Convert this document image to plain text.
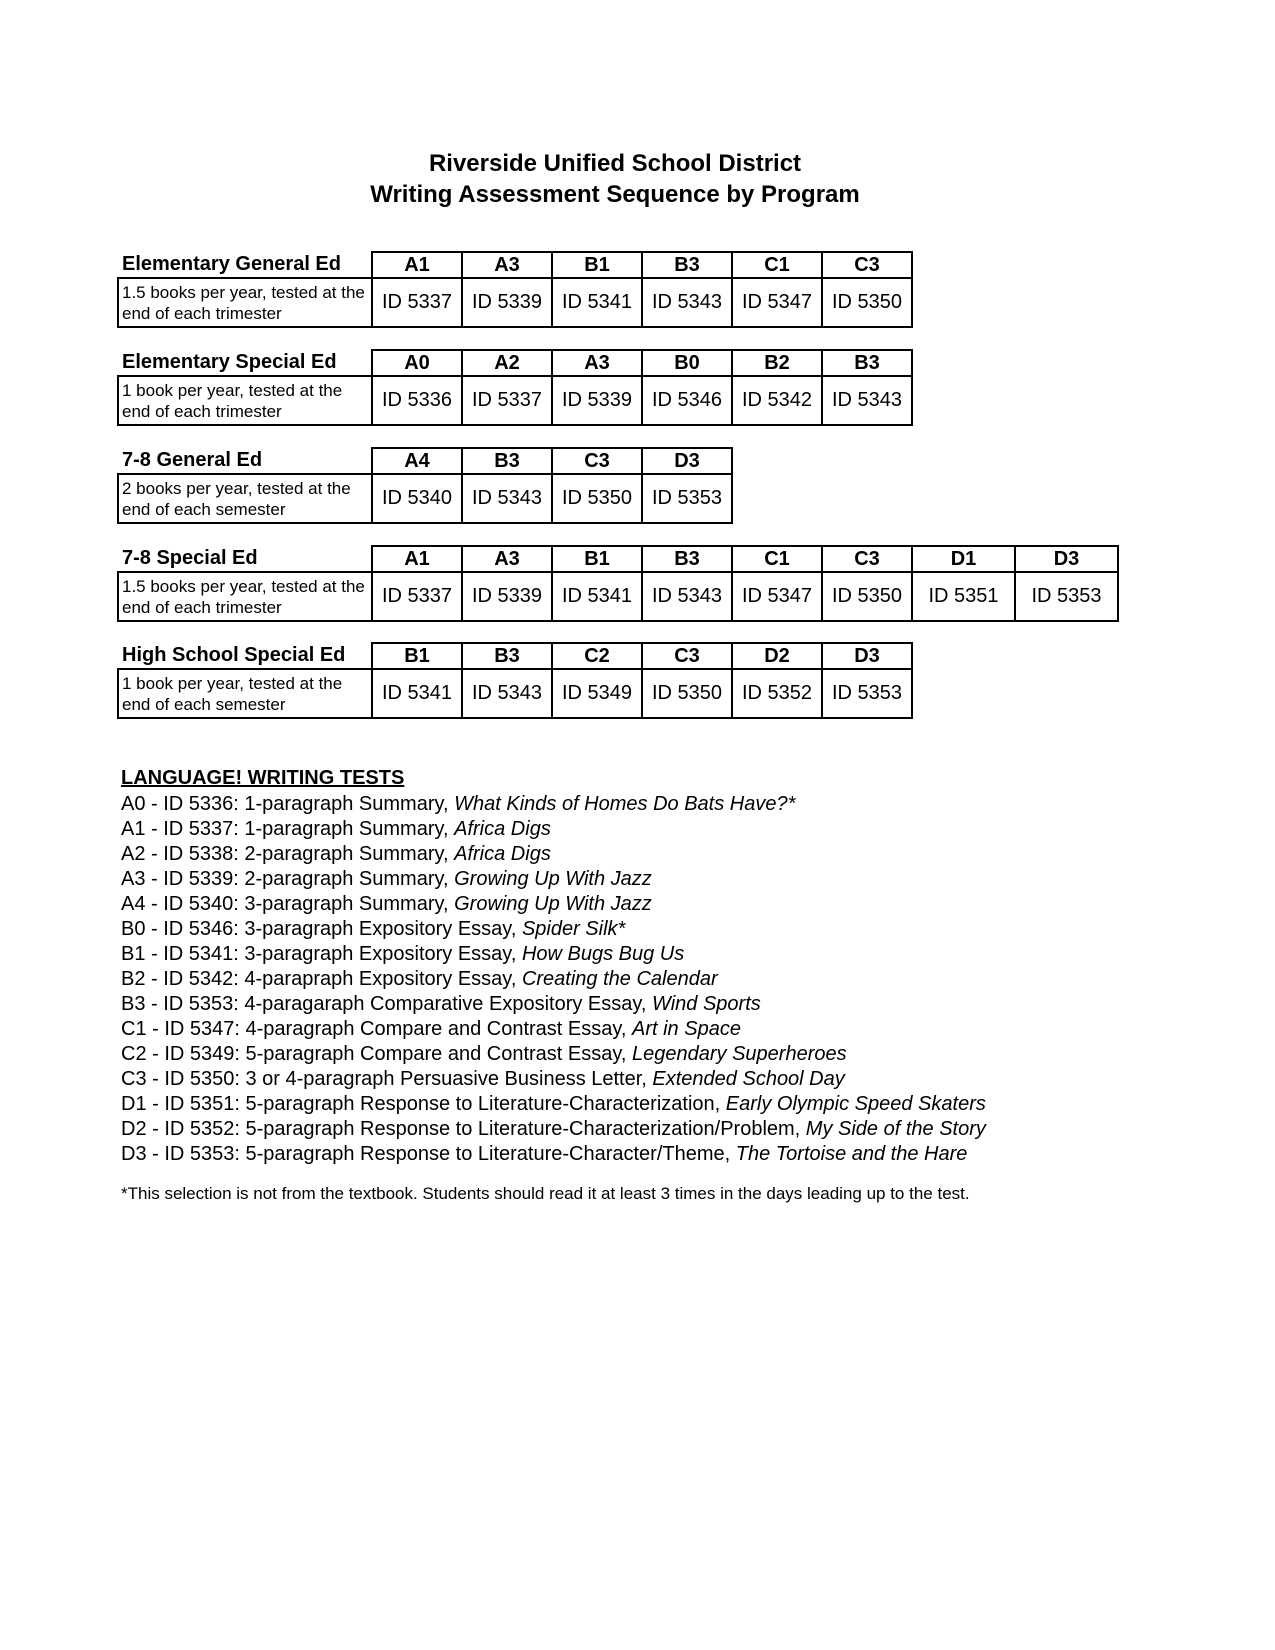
Riverside Unified School District
Writing Assessment Sequence by Program
Elementary General Ed	A1	A3	B1	B3	C1	C3
1.5 books per year, tested at the end of each trimester	ID 5337	ID 5339	ID 5341	ID 5343	ID 5347	ID 5350
Elementary Special Ed	A0	A2	A3	B0	B2	B3
1 book per year, tested at the end of each trimester	ID 5336	ID 5337	ID 5339	ID 5346	ID 5342	ID 5343
7-8 General Ed	A4	B3	C3	D3
2 books per year, tested at the end of each semester	ID 5340	ID 5343	ID 5350	ID 5353
7-8 Special Ed	A1	A3	B1	B3	C1	C3	D1	D3
1.5 books per year, tested at the end of each trimester	ID 5337	ID 5339	ID 5341	ID 5343	ID 5347	ID 5350	ID 5351	ID 5353
High School Special Ed	B1	B3	C2	C3	D2	D3
1 book per year, tested at the end of each semester	ID 5341	ID 5343	ID 5349	ID 5350	ID 5352	ID 5353
LANGUAGE! WRITING TESTS
A0 - ID 5336: 1-paragraph Summary, What Kinds of Homes Do Bats Have?*
A1 - ID 5337: 1-paragraph Summary, Africa Digs
A2 - ID 5338: 2-paragraph Summary, Africa Digs
A3 - ID 5339: 2-paragraph Summary, Growing Up With Jazz
A4 - ID 5340: 3-paragraph Summary, Growing Up With Jazz
B0 - ID 5346: 3-paragraph Expository Essay, Spider Silk*
B1 - ID 5341: 3-paragraph Expository Essay, How Bugs Bug Us
B2 - ID 5342: 4-parapraph Expository Essay, Creating the Calendar
B3 - ID 5353: 4-paragaraph Comparative Expository Essay, Wind Sports
C1 - ID 5347: 4-paragraph Compare and Contrast Essay, Art in Space
C2 - ID 5349: 5-paragraph Compare and Contrast Essay, Legendary Superheroes
C3 - ID 5350: 3 or 4-paragraph Persuasive Business Letter, Extended School Day
D1 - ID 5351: 5-paragraph Response to Literature-Characterization, Early Olympic Speed Skaters
D2 - ID 5352: 5-paragraph Response to Literature-Characterization/Problem, My Side of the Story
D3 - ID 5353: 5-paragraph Response to Literature-Character/Theme, The Tortoise and the Hare
*This selection is not from the textbook. Students should read it at least 3 times in the days leading up to the test.
